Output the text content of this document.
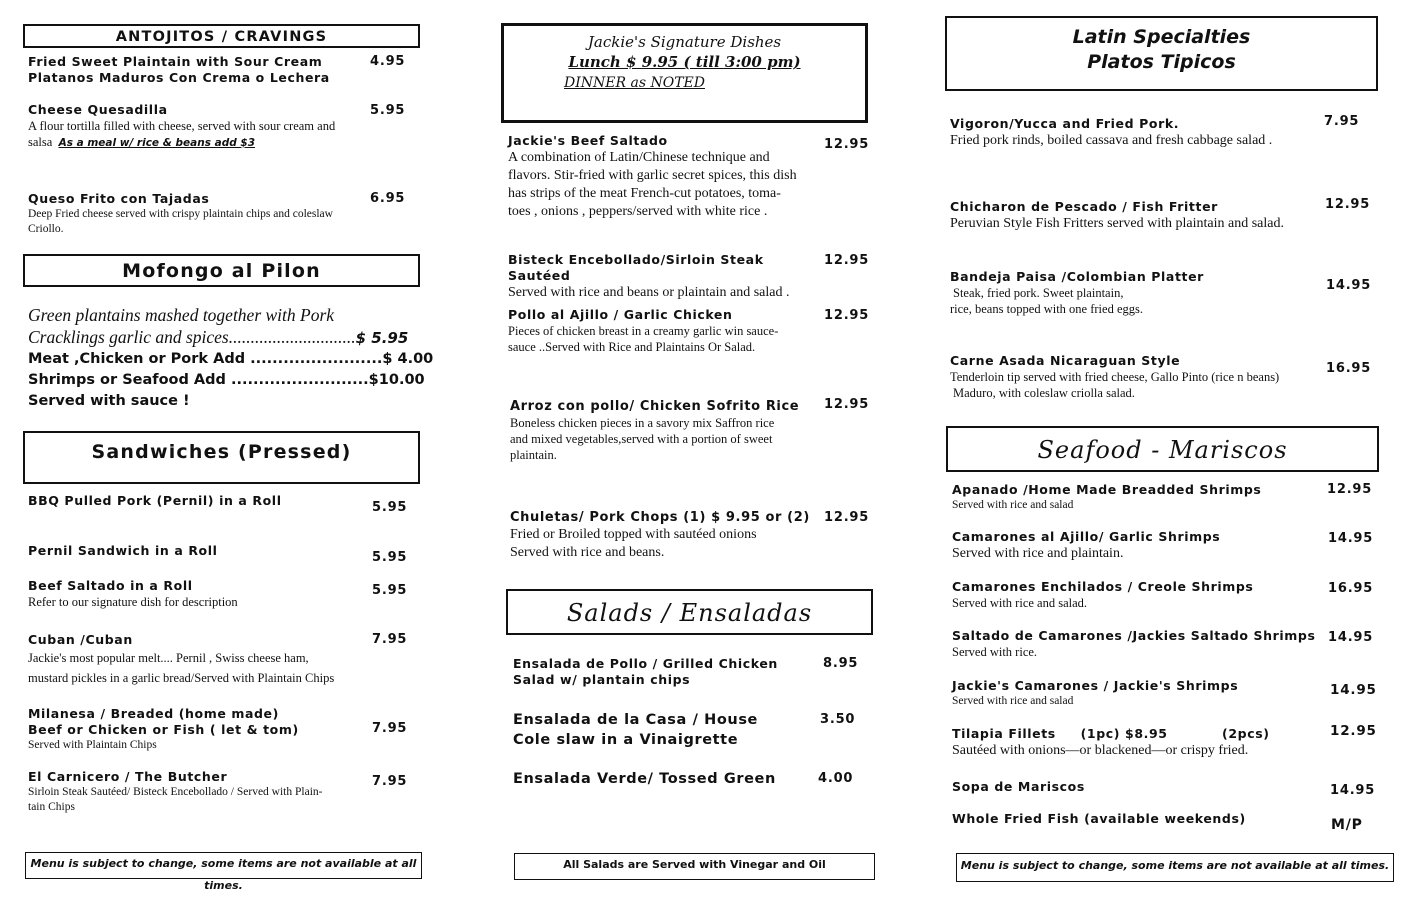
ANTOJITOS / CRAVINGS
Fried Sweet Plaintain with Sour Cream
Platanos Maduros Con Crema o Lechera
4.95
Cheese Quesadilla
A flour tortilla filled with cheese, served with sour cream and
salsa As a meal w/ rice & beans add $3
5.95
Queso Frito con Tajadas
Deep Fried cheese served with crispy plaintain chips and coleslaw
Criollo.
6.95
Mofongo al Pilon
Green plantains mashed together with Pork
Cracklings garlic and spices.............................$ 5.95
Meat ,Chicken or Pork Add ........................$ 4.00
Shrimps or Seafood Add .........................$10.00
Served with sauce !
Sandwiches (Pressed)
BBQ Pulled Pork (Pernil) in a Roll	5.95
Pernil Sandwich in a Roll	5.95
Beef Saltado in a Roll
Refer to our signature dish for description
5.95
Cuban /Cuban
Jackie's most popular melt.... Pernil , Swiss cheese ham,
mustard pickles in a garlic bread/Served with Plaintain Chips
7.95
Milanesa / Breaded (home made)
Beef or Chicken or Fish ( let & tom)
Served with Plaintain Chips
7.95
El Carnicero / The Butcher
Sirloin Steak Sautéed/ Bisteck Encebollado / Served with Plain-
tain Chips
7.95
Menu is subject to change, some items are not available at all times.
Jackie's Signature Dishes
Lunch $ 9.95 ( till 3:00 pm)
DINNER as NOTED
Jackie's Beef Saltado
A combination of Latin/Chinese technique and
flavors. Stir-fried with garlic secret spices, this dish
has strips of the meat French-cut potatoes, toma-
toes , onions , peppers/served with white rice .
12.95
Bisteck Encebollado/Sirloin Steak Sautéed
Served with rice and beans or plaintain and salad .
12.95
Pollo al Ajillo / Garlic Chicken
Pieces of chicken breast in a creamy garlic win sauce-
sauce ..Served with Rice and Plaintains Or Salad.
12.95
Arroz con pollo/ Chicken Sofrito Rice
Boneless chicken pieces in a savory mix Saffron rice
and mixed vegetables,served with a portion of sweet
plaintain.
12.95
Chuletas/ Pork Chops (1) $ 9.95 or (2)
Fried or Broiled topped with sautéed onions
Served with rice and beans.
12.95
Salads / Ensaladas
Ensalada de Pollo / Grilled Chicken
Salad w/ plantain chips
8.95
Ensalada de la Casa / House
Cole slaw in a Vinaigrette
3.50
Ensalada Verde/ Tossed Green	4.00
All Salads are Served with Vinegar and Oil
Latin Specialties
Platos Tipicos
Vigoron/Yucca and Fried Pork.
Fried pork rinds, boiled cassava and fresh cabbage salad .
7.95
Chicharon de Pescado / Fish Fritter
Peruvian Style Fish Fritters served with plaintain and salad.
12.95
Bandeja Paisa /Colombian Platter
Steak, fried pork. Sweet plaintain,
rice, beans topped with one fried eggs.
14.95
Carne Asada Nicaraguan Style
Tenderloin tip served with fried cheese, Gallo Pinto (rice n beans)
Maduro, with coleslaw criolla salad.
16.95
Seafood - Mariscos
Apanado /Home Made Breadded Shrimps
Served with rice and salad
12.95
Camarones al Ajillo/ Garlic Shrimps
Served with rice and plaintain.
14.95
Camarones Enchilados / Creole Shrimps
Served with rice and salad.
16.95
Saltado de Camarones /Jackies Saltado Shrimps
Served with rice.
14.95
Jackie's Camarones / Jackie's Shrimps
Served with rice and salad
14.95
Tilapia Fillets     (1pc) $8.95           (2pcs)
Sautéed with onions—or blackened—or crispy fried.
12.95
Sopa de Mariscos	14.95
Whole Fried Fish (available weekends)	M/P
Menu is subject to change, some items are not available at all times.
